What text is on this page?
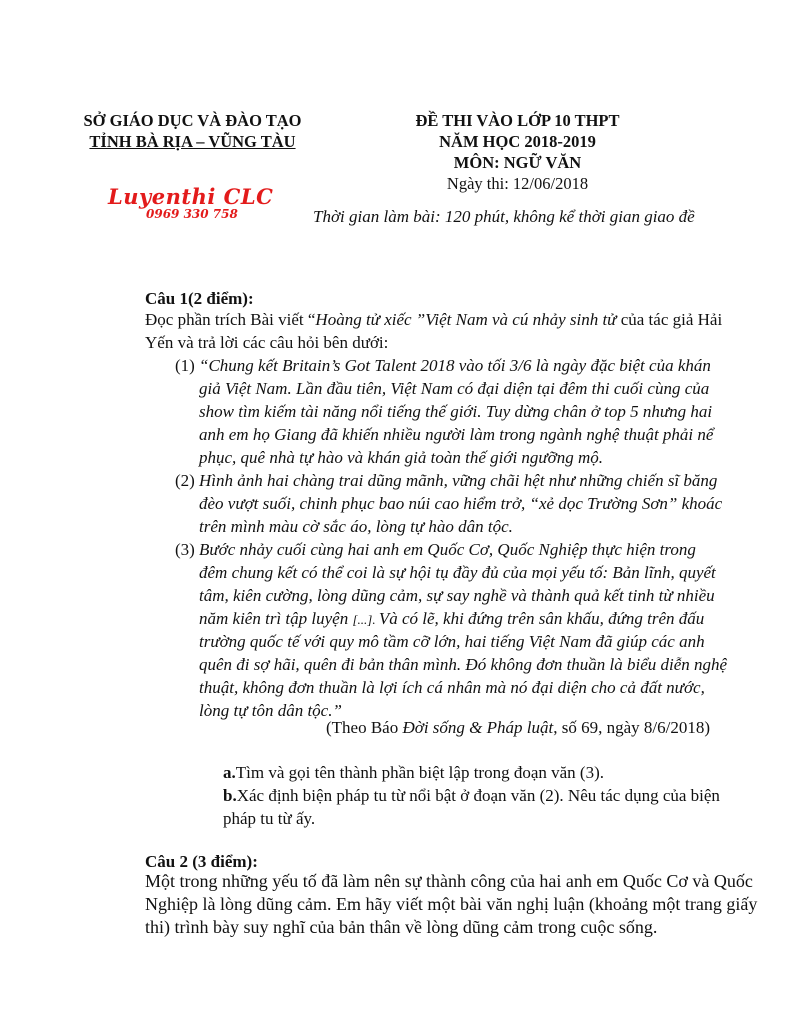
SỞ GIÁO DỤC VÀ ĐÀO TẠO
TỈNH BÀ RỊA – VŨNG TÀU
ĐỀ THI VÀO LỚP 10 THPT
NĂM HỌC 2018-2019
MÔN: NGỮ VĂN
Ngày thi: 12/06/2018
Luyenthi CLC
0969 330 758	Thời gian làm bài: 120 phút, không kể thời gian giao đề
Câu 1(2 điểm):
Đọc phần trích Bài viết “Hoàng tử xiếc ”Việt Nam và cú nhảy sinh tử của tác giả Hải
Yến và trả lời các câu hỏi bên dưới:
(1) “Chung kết Britain’s Got Talent 2018 vào tối 3/6 là ngày đặc biệt của khán
giả Việt Nam. Lần đầu tiên, Việt Nam có đại diện tại đêm thi cuối cùng của
show tìm kiếm tài năng nổi tiếng thế giới. Tuy dừng chân ở top 5 nhưng hai
anh em họ Giang đã khiến nhiều người làm trong ngành nghệ thuật phải nể
phục, quê nhà tự hào và khán giả toàn thế giới ngưỡng mộ.
(2) Hình ảnh hai chàng trai dũng mãnh, vững chãi hệt như những chiến sĩ băng
đèo vượt suối, chinh phục bao núi cao hiểm trở, “xẻ dọc Trường Sơn” khoác
trên mình màu cờ sắc áo, lòng tự hào dân tộc.
(3) Bước nhảy cuối cùng hai anh em Quốc Cơ, Quốc Nghiệp thực hiện trong
đêm chung kết có thể coi là sự hội tụ đầy đủ của mọi yếu tố: Bản lĩnh, quyết
tâm, kiên cường, lòng dũng cảm, sự say nghề và thành quả kết tinh từ nhiều
năm kiên trì tập luyện [...]. Và có lẽ, khi đứng trên sân khấu, đứng trên đấu
trường quốc tế với quy mô tầm cỡ lớn, hai tiếng Việt Nam đã giúp các anh
quên đi sợ hãi, quên đi bản thân mình. Đó không đơn thuần là biểu diễn nghệ
thuật, không đơn thuần là lợi ích cá nhân mà nó đại diện cho cả đất nước,
lòng tự tôn dân tộc.”
(Theo Báo Đời sống & Pháp luật, số 69, ngày 8/6/2018)
a.Tìm và gọi tên thành phần biệt lập trong đoạn văn (3).
b.Xác định biện pháp tu từ nổi bật ở đoạn văn (2). Nêu tác dụng của biện
pháp tu từ ấy.
Câu 2 (3 điểm):
Một trong những yếu tố đã làm nên sự thành công của hai anh em Quốc Cơ và Quốc
Nghiệp là lòng dũng cảm. Em hãy viết một bài văn nghị luận (khoảng một trang giấy
thi) trình bày suy nghĩ của bản thân về lòng dũng cảm trong cuộc sống.
